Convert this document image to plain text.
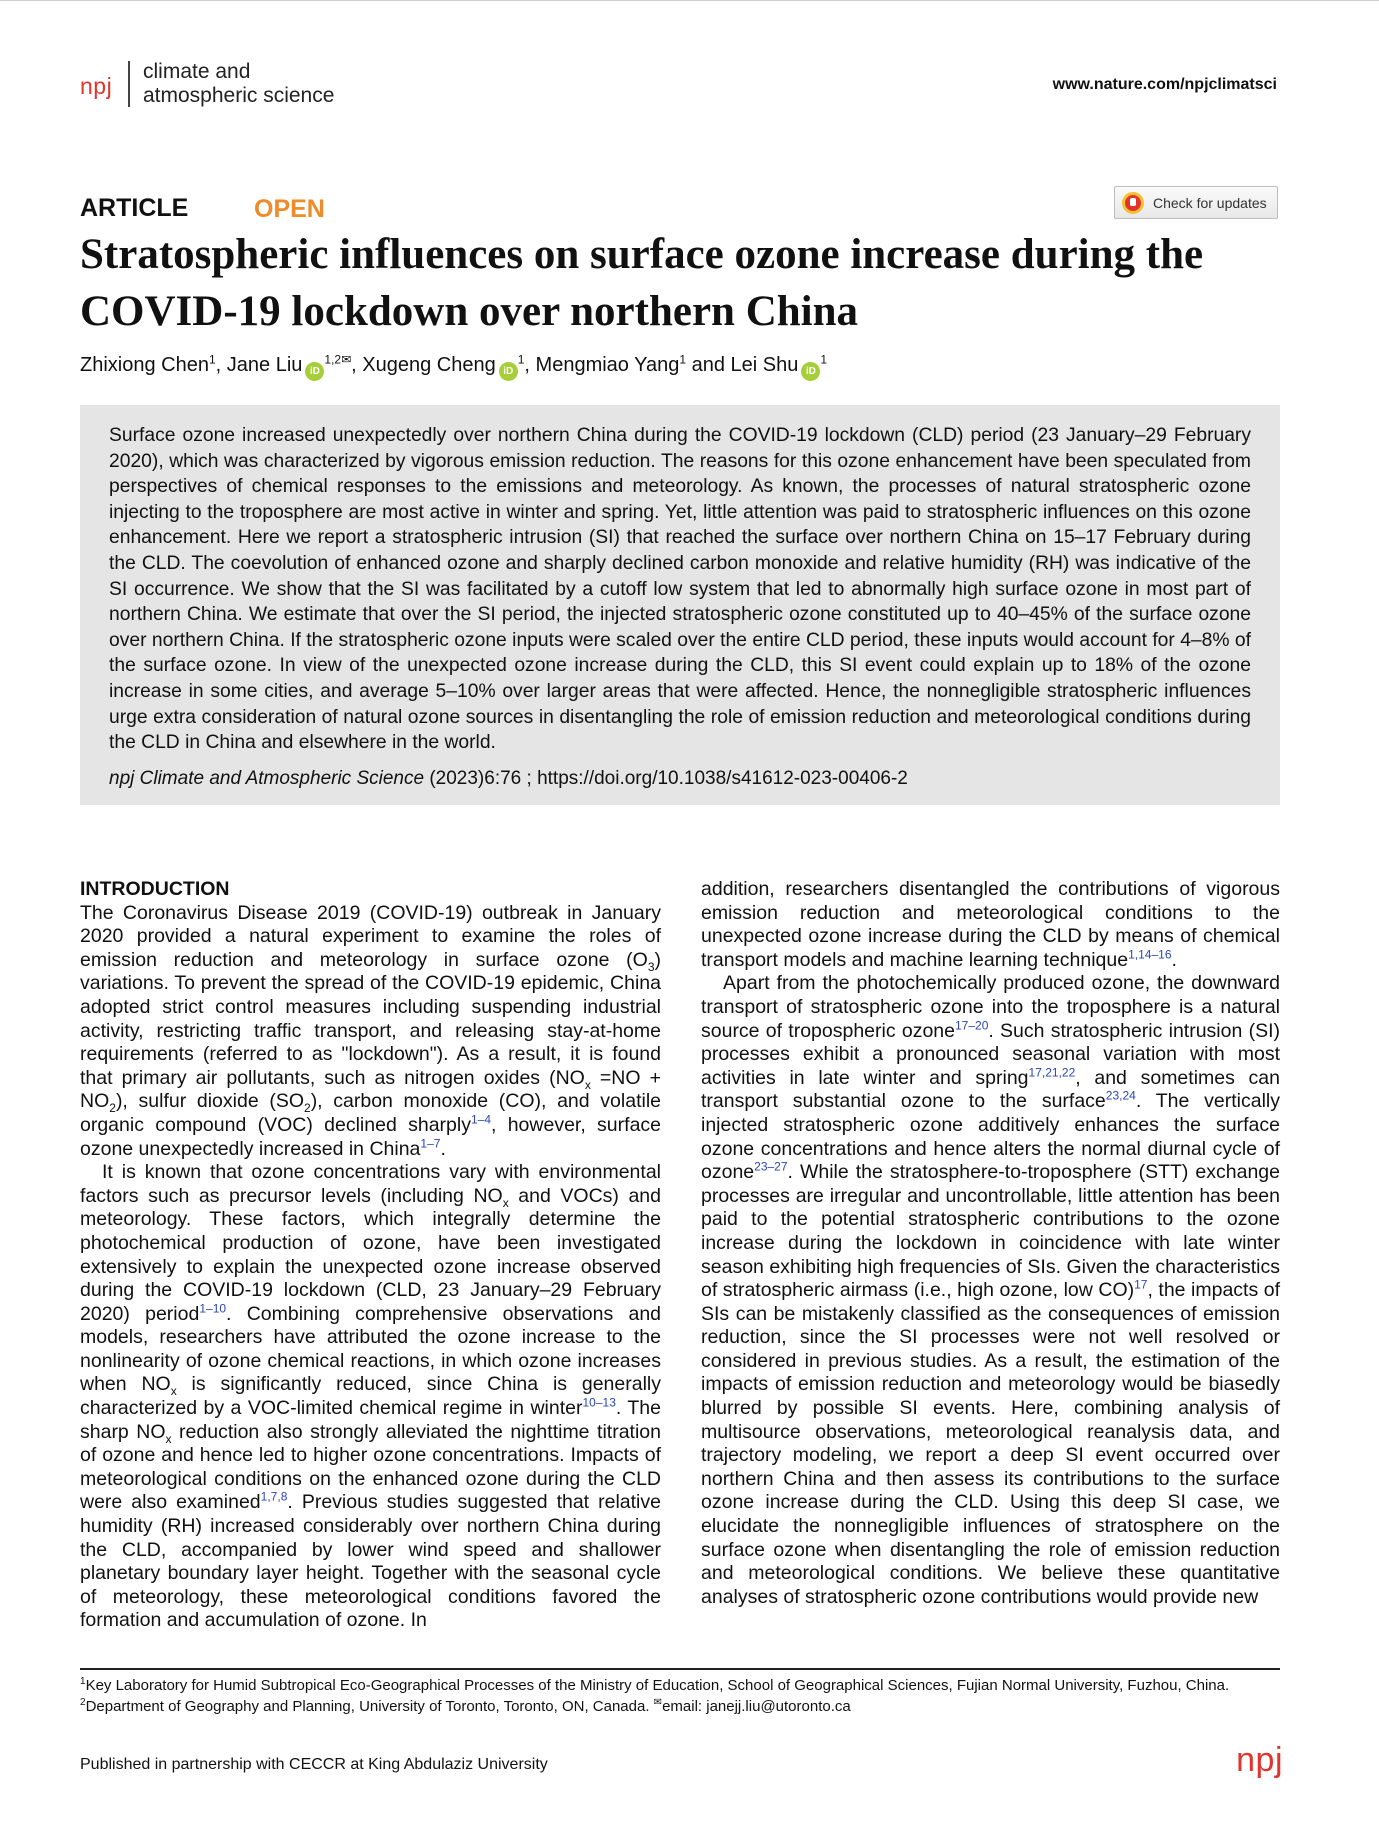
npj
climate and
atmospheric science	www.nature.com/npjclimatsci
ARTICLE	OPEN	Check for updates
Stratospheric influences on surface ozone increase during the COVID-19 lockdown over northern China
Zhixiong Chen$^1$, Jane Liu $iD^{1,2✉}$, Xugeng Cheng $iD^1$, Mengmiao Yang$^1$ and Lei Shu $iD^1$

Surface ozone increased unexpectedly over northern China during the COVID-19 lockdown (CLD) period (23 January–29 February 2020), which was characterized by vigorous emission reduction. The reasons for this ozone enhancement have been speculated from perspectives of chemical responses to the emissions and meteorology. As known, the processes of natural stratospheric ozone injecting to the troposphere are most active in winter and spring. Yet, little attention was paid to stratospheric influences on this ozone enhancement. Here we report a stratospheric intrusion (SI) that reached the surface over northern China on 15–17 February during the CLD. The coevolution of enhanced ozone and sharply declined carbon monoxide and relative humidity (RH) was indicative of the SI occurrence. We show that the SI was facilitated by a cutoff low system that led to abnormally high surface ozone in most part of northern China. We estimate that over the SI period, the injected stratospheric ozone constituted up to 40–45% of the surface ozone over northern China. If the stratospheric ozone inputs were scaled over the entire CLD period, these inputs would account for 4–8% of the surface ozone. In view of the unexpected ozone increase during the CLD, this SI event could explain up to 18% of the ozone increase in some cities, and average 5–10% over larger areas that were affected. Hence, the nonnegligible stratospheric influences urge extra consideration of natural ozone sources in disentangling the role of emission reduction and meteorological conditions during the CLD in China and elsewhere in the world.

npj Climate and Atmospheric Science (2023)6:76 ; https://doi.org/10.1038/s41612-023-00406-2
INTRODUCTION

The Coronavirus Disease 2019 (COVID-19) outbreak in January 2020 provided a natural experiment to examine the roles of emission reduction and meteorology in surface ozone $(O_3)$ variations. To prevent the spread of the COVID-19 epidemic, China adopted strict control measures including suspending industrial activity, restricting traffic transport, and releasing stay-at-home requirements (referred to as "lockdown"). As a result, it is found that primary air pollutants, such as nitrogen oxides $(NO_x =NO + NO_2)$, sulfur dioxide $(SO_2)$, carbon monoxide (CO), and volatile organic compound (VOC) declined sharply$^{1-4}$, however, surface ozone unexpectedly increased in China$^{1-7}$.

It is known that ozone concentrations vary with environmental factors such as precursor levels (including $NO_x$ and VOCs) and meteorology. These factors, which integrally determine the photochemical production of ozone, have been investigated extensively to explain the unexpected ozone increase observed during the COVID-19 lockdown (CLD, 23 January–29 February 2020) period$^{1-10}$. Combining comprehensive observations and models, researchers have attributed the ozone increase to the nonlinearity of ozone chemical reactions, in which ozone increases when $NO_x$ is significantly reduced, since China is generally characterized by a VOC-limited chemical regime in winter$^{10-13}$. The sharp $NO_x$ reduction also strongly alleviated the nighttime titration of ozone and hence led to higher ozone concentrations. Impacts of meteorological conditions on the enhanced ozone during the CLD were also examined$^{1,7,8}$. Previous studies suggested that relative humidity (RH) increased considerably over northern China during the CLD, accompanied by lower wind speed and shallower planetary boundary layer height. Together with the seasonal cycle of meteorology, these meteorological conditions favored the formation and accumulation of ozone. In

addition, researchers disentangled the contributions of vigorous emission reduction and meteorological conditions to the unexpected ozone increase during the CLD by means of chemical transport models and machine learning technique$^{1,14-16}$.

Apart from the photochemically produced ozone, the downward transport of stratospheric ozone into the troposphere is a natural source of tropospheric ozone$^{17-20}$. Such stratospheric intrusion (SI) processes exhibit a pronounced seasonal variation with most activities in late winter and spring$^{17,21,22}$, and sometimes can transport substantial ozone to the surface$^{23,24}$. The vertically injected stratospheric ozone additively enhances the surface ozone concentrations and hence alters the normal diurnal cycle of ozone$^{23-27}$. While the stratosphere-to-troposphere (STT) exchange processes are irregular and uncontrollable, little attention has been paid to the potential stratospheric contributions to the ozone increase during the lockdown in coincidence with late winter season exhibiting high frequencies of SIs. Given the characteristics of stratospheric airmass (i.e., high ozone, low CO)$^{17}$, the impacts of SIs can be mistakenly classified as the consequences of emission reduction, since the SI processes were not well resolved or considered in previous studies. As a result, the estimation of the impacts of emission reduction and meteorology would be biasedly blurred by possible SI events. Here, combining analysis of multisource observations, meteorological reanalysis data, and trajectory modeling, we report a deep SI event occurred over northern China and then assess its contributions to the surface ozone increase during the CLD. Using this deep SI case, we elucidate the nonnegligible influences of stratosphere on the surface ozone when disentangling the role of emission reduction and meteorological conditions. We believe these quantitative analyses of stratospheric ozone contributions would provide new

$^1$Key Laboratory for Humid Subtropical Eco-Geographical Processes of the Ministry of Education, School of Geographical Sciences, Fujian Normal University, Fuzhou, China.
$^2$Department of Geography and Planning, University of Toronto, Toronto, ON, Canada. ✉email: janejj.liu@utoronto.ca
Published in partnership with CECCR at King Abdulaziz University	npj
